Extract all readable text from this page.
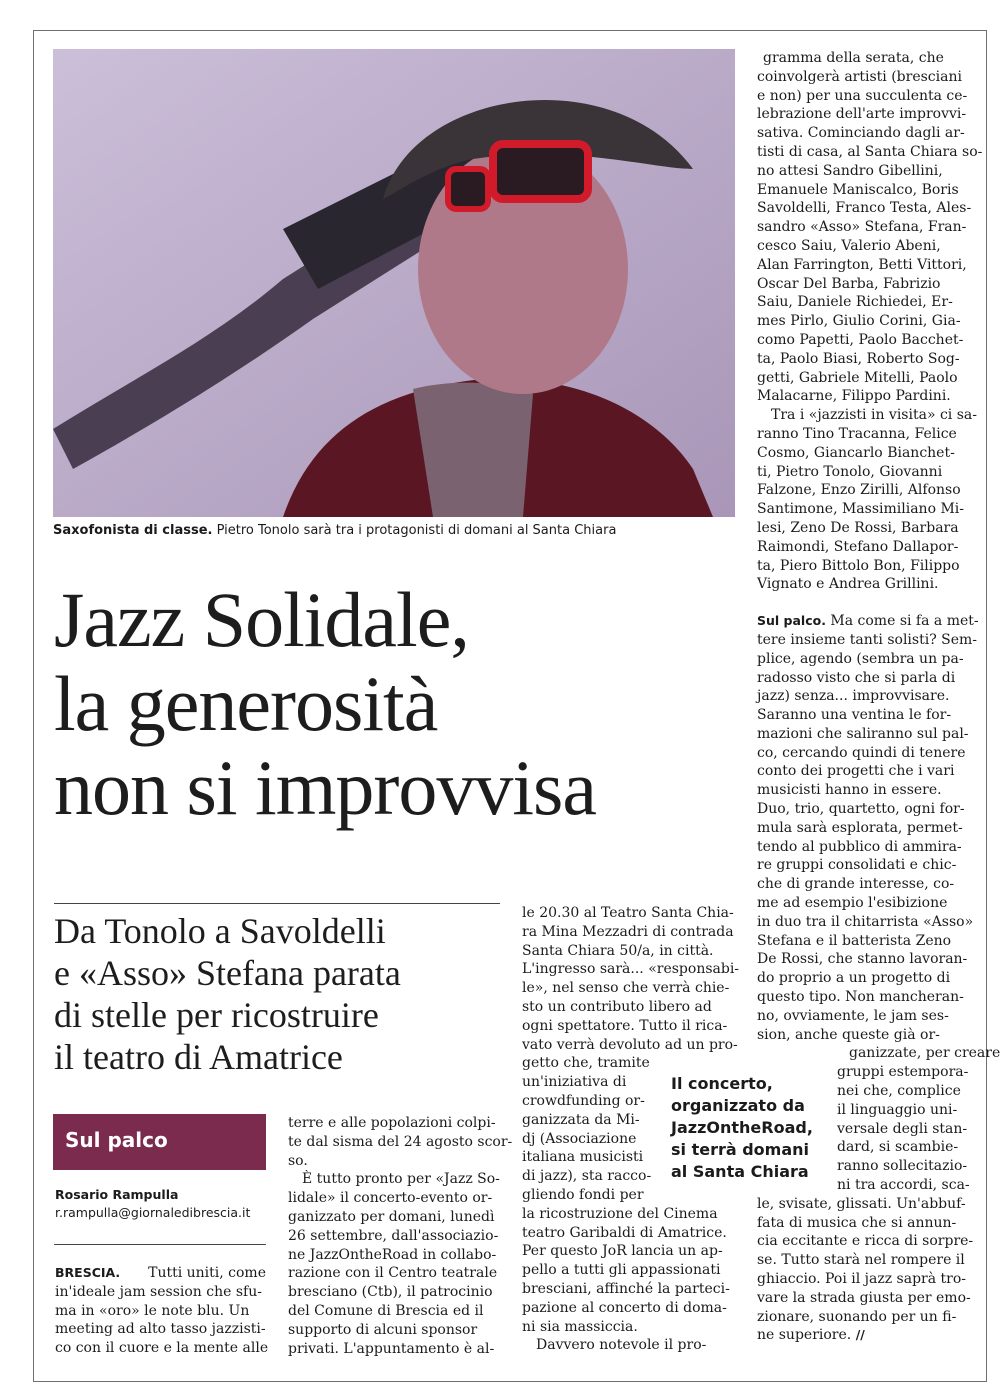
Saxofonista di classe. Pietro Tonolo sarà tra i protagonisti di domani al Santa Chiara
Jazz Solidale,
la generosità
non si improvvisa
Da Tonolo a Savoldelli
e «Asso» Stefana parata
di stelle per ricostruire
il teatro di Amatrice
Sul palco
Rosario Rampulla
r.rampulla@giornaledibrescia.it
BRESCIA. Tutti uniti, come
in'ideale jam session che sfu-
ma in «oro» le note blu. Un
meeting ad alto tasso jazzisti-
co con il cuore e la mente alle
terre e alle popolazioni colpi-
te dal sisma del 24 agosto scor-
so.
È tutto pronto per «Jazz So-
lidale» il concerto-evento or-
ganizzato per domani, lunedì
26 settembre, dall'associazio-
ne JazzOntheRoad in collabo-
razione con il Centro teatrale
bresciano (Ctb), il patrocinio
del Comune di Brescia ed il
supporto di alcuni sponsor
privati. L'appuntamento è al-
le 20.30 al Teatro Santa Chia-
ra Mina Mezzadri di contrada
Santa Chiara 50/a, in città.
L'ingresso sarà... «responsabi-
le», nel senso che verrà chie-
sto un contributo libero ad
ogni spettatore. Tutto il rica-
vato verrà devoluto ad un pro-
getto che, tramite
un'iniziativa di
crowdfunding or-
ganizzata da Mi-
dj (Associazione
italiana musicisti
di jazz), sta racco-
gliendo fondi per
la ricostruzione del Cinema
teatro Garibaldi di Amatrice.
Per questo JoR lancia un ap-
pello a tutti gli appassionati
bresciani, affinché la parteci-
pazione al concerto di doma-
ni sia massiccia.
Davvero notevole il pro-
Il concerto,
organizzato da
JazzOntheRoad,
si terrà domani
al Santa Chiara
gramma della serata, che
coinvolgerà artisti (bresciani
e non) per una succulenta ce-
lebrazione dell'arte improvvi-
sativa. Cominciando dagli ar-
tisti di casa, al Santa Chiara so-
no attesi Sandro Gibellini,
Emanuele Maniscalco, Boris
Savoldelli, Franco Testa, Ales-
sandro «Asso» Stefana, Fran-
cesco Saiu, Valerio Abeni,
Alan Farrington, Betti Vittori,
Oscar Del Barba, Fabrizio
Saiu, Daniele Richiedei, Er-
mes Pirlo, Giulio Corini, Gia-
como Papetti, Paolo Bacchet-
ta, Paolo Biasi, Roberto Sog-
getti, Gabriele Mitelli, Paolo
Malacarne, Filippo Pardini.
Tra i «jazzisti in visita» ci sa-
ranno Tino Tracanna, Felice
Cosmo, Giancarlo Bianchet-
ti, Pietro Tonolo, Giovanni
Falzone, Enzo Zirilli, Alfonso
Santimone, Massimiliano Mi-
lesi, Zeno De Rossi, Barbara
Raimondi, Stefano Dallapor-
ta, Piero Bittolo Bon, Filippo
Vignato e Andrea Grillini.
Sul palco. Ma come si fa a met-
tere insieme tanti solisti? Sem-
plice, agendo (sembra un pa-
radosso visto che si parla di
jazz) senza... improvvisare.
Saranno una ventina le for-
mazioni che saliranno sul pal-
co, cercando quindi di tenere
conto dei progetti che i vari
musicisti hanno in essere.
Duo, trio, quartetto, ogni for-
mula sarà esplorata, permet-
tendo al pubblico di ammira-
re gruppi consolidati e chic-
che di grande interesse, co-
me ad esempio l'esibizione
in duo tra il chitarrista «Asso»
Stefana e il batterista Zeno
De Rossi, che stanno lavoran-
do proprio a un progetto di
questo tipo. Non mancheran-
no, ovviamente, le jam ses-
sion, anche queste già or-
ganizzate, per creare
gruppi estempora-
nei che, complice
il linguaggio uni-
versale degli stan-
dard, si scambie-
ranno sollecitazio-
ni tra accordi, sca-
le, svisate, glissati. Un'abbuf-
fata di musica che si annun-
cia eccitante e ricca di sorpre-
se. Tutto starà nel rompere il
ghiaccio. Poi il jazz saprà tro-
vare la strada giusta per emo-
zionare, suonando per un fi-
ne superiore. //
